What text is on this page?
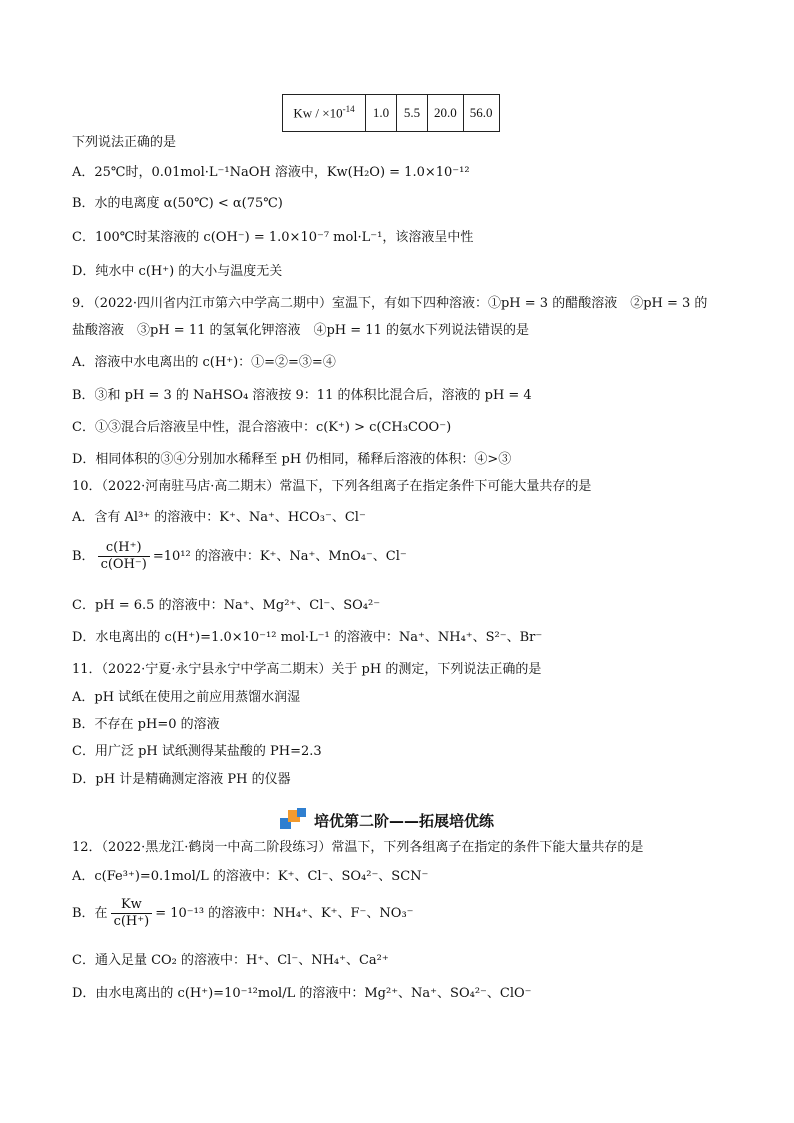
$Kw / \times 10^{-14}$	1.0	5.5	20.0	56.0
下列说法正确的是
A．25℃时，0.01mol·L⁻¹NaOH 溶液中，Kw(H₂O) = 1.0×10⁻¹²
B．水的电离度 α(50℃) < α(75℃)
C．100℃时某溶液的 c(OH⁻) = 1.0×10⁻⁷ mol·L⁻¹，该溶液呈中性
D．纯水中 c(H⁺) 的大小与温度无关
9．（2022·四川省内江市第六中学高二期中）室温下，有如下四种溶液：①pH = 3 的醋酸溶液　②pH = 3 的
盐酸溶液　③pH = 11 的氢氧化钾溶液　④pH = 11 的氨水下列说法错误的是
A．溶液中水电离出的 c(H⁺)：①=②=③=④
B．③和 pH = 3 的 NaHSO₄ 溶液按 9：11 的体积比混合后，溶液的 pH = 4
C．①③混合后溶液呈中性，混合溶液中：c(K⁺) > c(CH₃COO⁻)
D．相同体积的③④分别加水稀释至 pH 仍相同，稀释后溶液的体积：④>③
10．（2022·河南驻马店·高二期末）常温下，下列各组离子在指定条件下可能大量共存的是
A．含有 Al³⁺ 的溶液中：K⁺、Na⁺、HCO₃⁻、Cl⁻
B． $\frac{c(H^+)}{c(OH^-)} =10^{12}$ 的溶液中：K⁺、Na⁺、MnO₄⁻、Cl⁻
C．pH = 6.5 的溶液中：Na⁺、Mg²⁺、Cl⁻、SO₄²⁻
D．水电离出的 c(H⁺)=1.0×10⁻¹² mol·L⁻¹ 的溶液中：Na⁺、NH₄⁺、S²⁻、Br⁻
11．（2022·宁夏·永宁县永宁中学高二期末）关于 pH 的测定，下列说法正确的是
A．pH 试纸在使用之前应用蒸馏水润湿
B．不存在 pH=0 的溶液
C．用广泛 pH 试纸测得某盐酸的 PH=2.3
D．pH 计是精确测定溶液 PH 的仪器
培优第二阶——拓展培优练
12．（2022·黑龙江·鹤岗一中高二阶段练习）常温下，下列各组离子在指定的条件下能大量共存的是
A．c(Fe³⁺)=0.1mol/L 的溶液中：K⁺、Cl⁻、SO₄²⁻、SCN⁻
B．在 $\frac{Kw}{c(H^+)} = 10^{-13}$ 的溶液中：NH₄⁺、K⁺、F⁻、NO₃⁻
C．通入足量 CO₂ 的溶液中：H⁺、Cl⁻、NH₄⁺、Ca²⁺
D．由水电离出的 c(H⁺)=10⁻¹²mol/L 的溶液中：Mg²⁺、Na⁺、SO₄²⁻、ClO⁻
